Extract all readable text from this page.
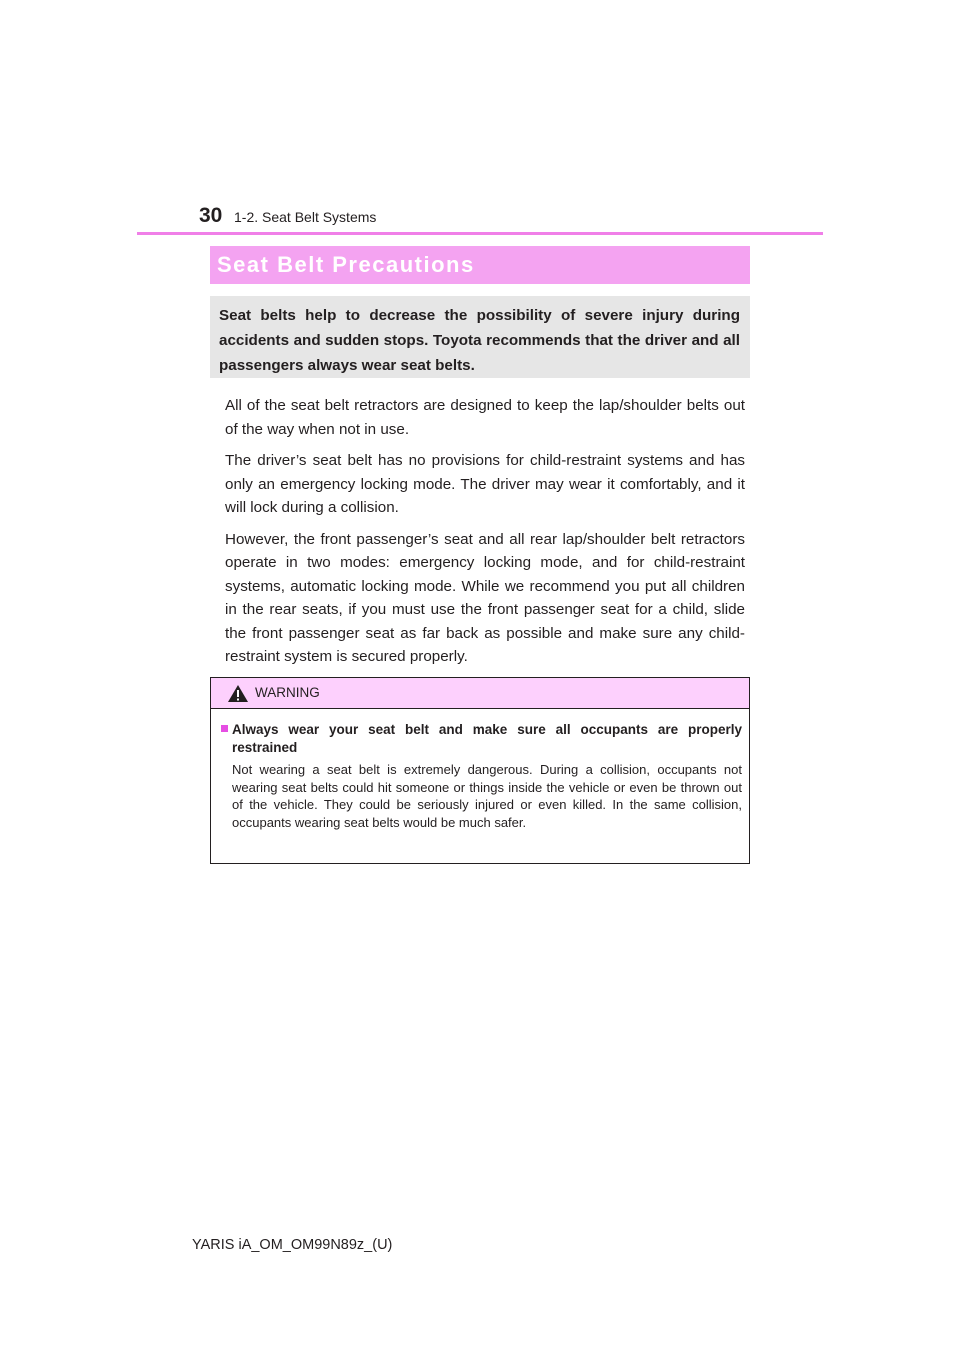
30 1-2. Seat Belt Systems
Seat Belt Precautions
Seat belts help to decrease the possibility of severe injury during accidents and sudden stops. Toyota recommends that the driver and all passengers always wear seat belts.

All of the seat belt retractors are designed to keep the lap/shoulder belts out of the way when not in use.

The driver’s seat belt has no provisions for child-restraint systems and has only an emergency locking mode. The driver may wear it comfortably, and it will lock during a collision.

However, the front passenger’s seat and all rear lap/shoulder belt retractors operate in two modes: emergency locking mode, and for child-restraint systems, automatic locking mode. While we recommend you put all children in the rear seats, if you must use the front passenger seat for a child, slide the front passenger seat as far back as possible and make sure any child-restraint system is secured properly.

WARNING
Always wear your seat belt and make sure all occupants are properly restrained
Not wearing a seat belt is extremely dangerous. During a collision, occupants not wearing seat belts could hit someone or things inside the vehicle or even be thrown out of the vehicle. They could be seriously injured or even killed. In the same collision, occupants wearing seat belts would be much safer.
YARIS iA_OM_OM99N89z_(U)
